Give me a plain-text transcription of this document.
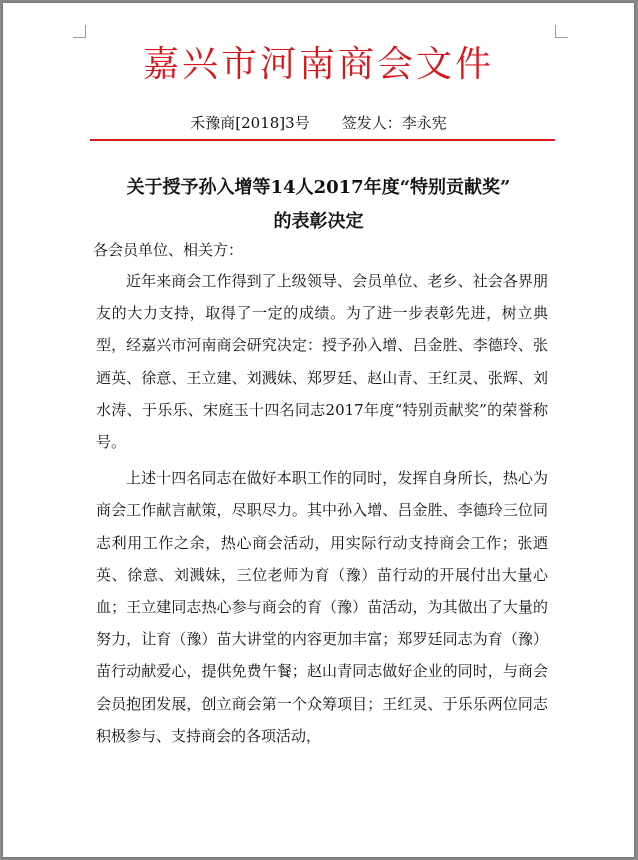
嘉兴市河南商会文件
禾豫商[2018]3号 签发人：李永宪
关于授予孙入增等14人2017年度“特别贡献奖”
的表彰决定
各会员单位、相关方：

近年来商会工作得到了上级领导、会员单位、老乡、社会各界朋友的大力支持，取得了一定的成绩。为了进一步表彰先进，树立典型，经嘉兴市河南商会研究决定：授予孙入增、吕金胜、李德玲、张迺英、徐意、王立建、刘溅妹、郑罗廷、赵山青、王红灵、张辉、刘水涛、于乐乐、宋庭玉十四名同志2017年度“特别贡献奖”的荣誉称号。

上述十四名同志在做好本职工作的同时，发挥自身所长，热心为商会工作献言献策，尽职尽力。其中孙入增、吕金胜、李德玲三位同志利用工作之余，热心商会活动，用实际行动支持商会工作；张迺英、徐意、刘溅妹，三位老师为育（豫）苗行动的开展付出大量心血；王立建同志热心参与商会的育（豫）苗活动，为其做出了大量的努力，让育（豫）苗大讲堂的内容更加丰富；郑罗廷同志为育（豫）苗行动献爱心，提供免费午餐；赵山青同志做好企业的同时，与商会会员抱团发展，创立商会第一个众筹项目；王红灵、于乐乐两位同志积极参与、支持商会的各项活动，
